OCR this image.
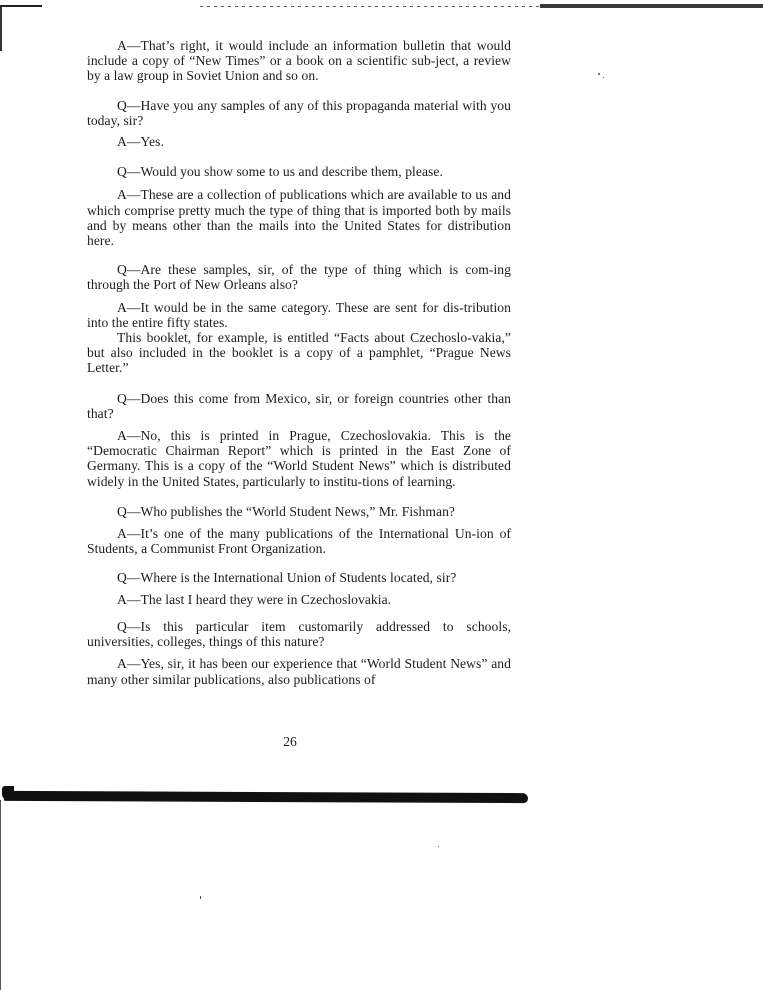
A—That’s right, it would include an information bulletin that would include a copy of “New Times” or a book on a scientific sub-ject, a review by a law group in Soviet Union and so on.

Q—Have you any samples of any of this propaganda material with you today, sir?

A—Yes.

Q—Would you show some to us and describe them, please.

A—These are a collection of publications which are available to us and which comprise pretty much the type of thing that is imported both by mails and by means other than the mails into the United States for distribution here.

Q—Are these samples, sir, of the type of thing which is com-ing through the Port of New Orleans also?

A—It would be in the same category. These are sent for dis-tribution into the entire fifty states.

This booklet, for example, is entitled “Facts about Czechoslo-vakia,” but also included in the booklet is a copy of a pamphlet, “Prague News Letter.”

Q—Does this come from Mexico, sir, or foreign countries other than that?

A—No, this is printed in Prague, Czechoslovakia. This is the “Democratic Chairman Report” which is printed in the East Zone of Germany. This is a copy of the “World Student News” which is distributed widely in the United States, particularly to institu-tions of learning.

Q—Who publishes the “World Student News,” Mr. Fishman?

A—It’s one of the many publications of the International Un-ion of Students, a Communist Front Organization.

Q—Where is the International Union of Students located, sir?

A—The last I heard they were in Czechoslovakia.

Q—Is this particular item customarily addressed to schools, universities, colleges, things of this nature?

A—Yes, sir, it has been our experience that “World Student News” and many other similar publications, also publications of

26
